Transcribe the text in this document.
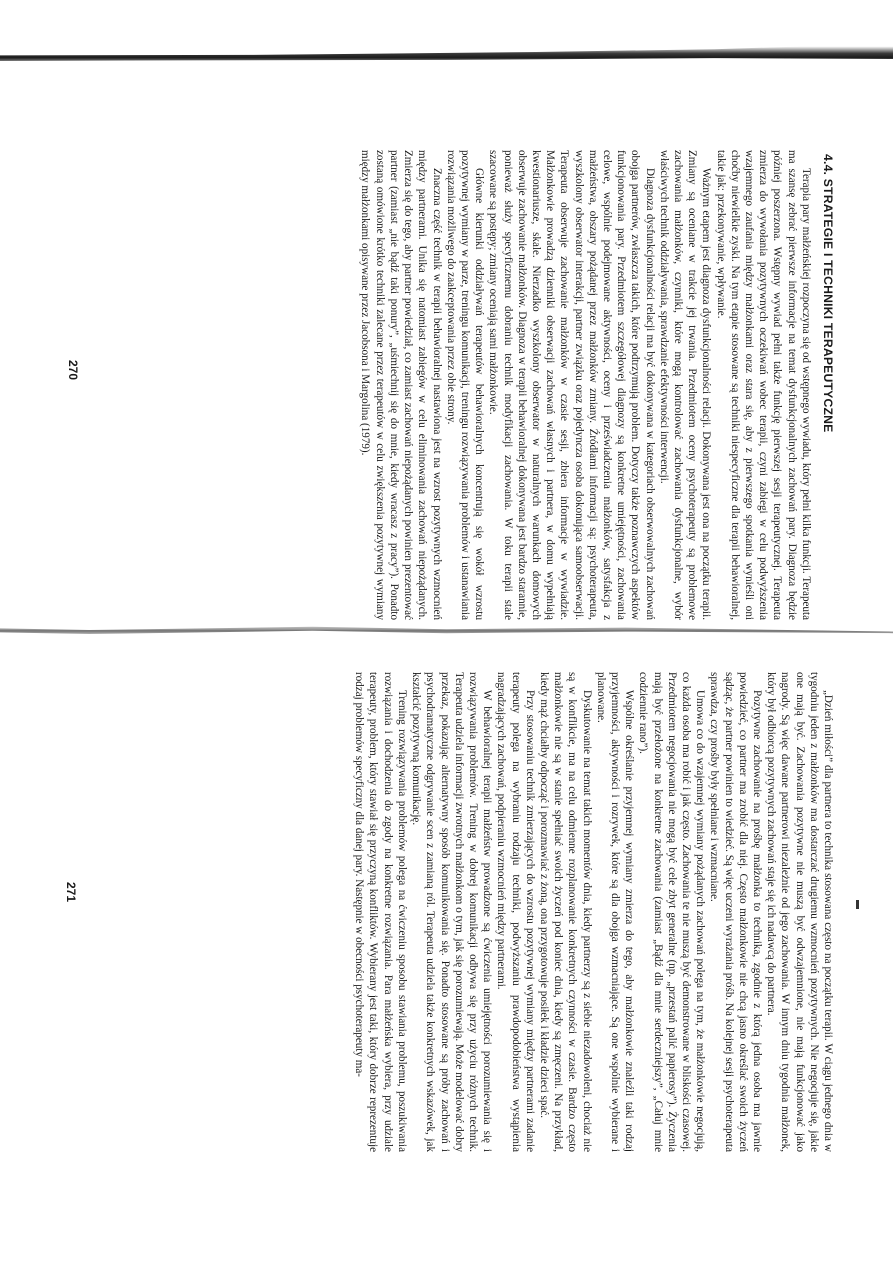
4.4. STRATEGIE I TECHNIKI TERAPEUTYCZNE

Terapia pary małżeńskiej rozpoczyna się od wstępnego wywiadu, który pełni kilka funkcji. Terapeuta ma szansę zebrać pierwsze informacje na temat dysfunkcjonalnych zachowań pary. Diagnoza będzie później poszerzona. Wstępny wywiad pełni także funkcję pierwszej sesji terapeutycznej. Terapeuta zmierza do wywołania pozytywnych oczekiwań wobec terapii, czyni zabiegi w celu podwyższenia wzajemnego zaufania między małżonkami oraz stara się, aby z pierwszego spotkania wynieśli oni choćby niewielkie zyski. Na tym etapie stosowane są techniki niespecyficzne dla terapii behawioralnej, takie jak: przekonywanie, wpływanie.

Ważnym etapem jest diagnoza dysfunkcjonalności relacji. Dokonywana jest ona na początku terapii. Zmiany są oceniane w trakcie jej trwania. Przedmiotem oceny psychoterapeuty są problemowe zachowania małżonków, czynniki, które mogą kontrolować zachowania dysfunkcjonalne, wybór właściwych technik oddziaływania, sprawdzanie efektywności interwencji.

Diagnoza dysfunkcjonalności relacji ma być dokonywana w kategoriach obserwowalnych zachowań obojga partnerów, zwłaszcza takich, które podtrzymują problem. Dotyczy także poznawczych aspektów funkcjonowania pary. Przedmiotem szczegółowej diagnozy są konkretne umiejętności, zachowania celowe, wspólnie podejmowane aktywności, oceny i przeświadczenia małżonków, satysfakcja z małżeństwa, obszary pożądanej przez małżonków zmiany. Źródłami informacji są: psychoterapeuta, wyszkolony obserwator interakcji, partner związku oraz pojedyncza osoba dokonująca samoobserwacji. Terapeuta obserwuje zachowanie małżonków w czasie sesji, zbiera informacje w wywiadzie. Małżonkowie prowadzą dzienniki obserwacji zachowań własnych i partnera, w domu wypełniają kwestionariusze, skale. Nierzadko wyszkolony obserwator w naturalnych warunkach domowych obserwuje zachowanie małżonków. Diagnoza w terapii behawioralnej dokonywana jest bardzo starannie, ponieważ służy specyficznemu dobraniu technik modyfikacji zachowania. W toku terapii stale szacowane są postępy; zmiany oceniają sami małżonkowie.

Główne kierunki oddziaływań terapeutów behawioralnych koncentrują się wokół wzrostu pozytywnej wymiany w parze, treningu komunikacji, treningu rozwiązywania problemów i ustanawiania rozwiązania możliwego do zaakceptowania przez obie strony.

Znaczna część technik w terapii behawioralnej nastawiona jest na wzrost pozytywnych wzmocnień między partnerami. Unika się natomiast zabiegów w celu eliminowania zachowań niepożądanych. Zmierza się do tego, aby partner powiedział, co zamiast zachowań niepożądanych powinien prezentować partner (zamiast „nie bądź taki ponury”, „uśmiechnij się do mnie, kiedy wracasz z pracy”). Ponadto zostaną omówione krótko techniki zalecane przez terapeutów w celu zwiększenia pozytywnej wymiany między małżonkami opisywane przez Jacobsona i Margolina (1979).

270

„Dzień miłości” dla partnera to technika stosowana często na początku terapii. W ciągu jednego dnia w tygodniu jeden z małżonków ma dostarczać drugiemu wzmocnień pozytywnych. Nie negocjuje się, jakie one mają być. Zachowania pozytywne nie muszą być odwzajemnione, nie mają funkcjonować jako nagrody. Są więc dawane partnerowi niezależnie od jego zachowania. W innym dniu tygodnia małżonek, który był odbiorcą pozytywnych zachowań staje się ich nadawcą do partnera.

Pozytywne zachowanie na prośbę małżonka to technika, zgodnie z którą jedna osoba ma jawnie powiedzieć, co partner ma zrobić dla niej. Często małżonkowie nie chcą jasno określać swoich życzeń sądząc, że partner powinien to wiedzieć. Są więc uczeni wyrażania próśb. Na kolejnej sesji psychoterapeuta sprawdza, czy prośby były spełniane i wzmacniane.

Umowa co do wzajemnej wymiany pożądanych zachowań polega na tym, że małżonkowie negocjują, co każda osoba ma robić i jak często. Zachowania te nie muszą być demonstrowane w bliskości czasowej. Przedmiotem negocjowania nie mogą być cele zbyt generalne (np. „przestań palić papierosy”). Życzenia mają być przełożone na konkretne zachowania (zamiast „Bądź dla mnie serdeczniejszy”, „Całuj mnie codziennie rano”).

Wspólne określanie przyjemnej wymiany zmierza do tego, aby małżonkowie znaleźli taki rodzaj przyjemności, aktywności i rozrywek, które są dla obojga wzmacniające. Są one wspólnie wybierane i planowane.

Dyskutowanie na temat takich momentów dnia, kiedy partnerzy są z siebie niezadowoleni, chociaż nie są w konflikcie, ma na celu odmienne rozplanowanie konkretnych czynności w czasie. Bardzo często małżonkowie nie są w stanie spełniać swoich życzeń pod koniec dnia, kiedy są zmęczeni. Na przykład, kiedy mąż chciałby odpocząć i porozmawiać z żoną, ona przygotowuje posiłek i kładzie dzieci spać.

Przy stosowaniu technik zmierzających do wzrostu pozytywnej wymiany między partnerami zadanie terapeuty polega na wybraniu rodzaju techniki, podwyższaniu prawdopodobieństwa wystąpienia nagradzających zachowań, podpieraniu wzmocnień między partnerami.

W behawioralnej terapii małżeństw prowadzone są ćwiczenia umiejętności porozumiewania się i rozwiązywania problemów. Trening w dobrej komunikacji odbywa się przy użyciu różnych technik. Terapeuta udziela informacji zwrotnych małżonkom o tym, jak się porozumiewają. Może modelować dobry przekaz, pokazując alternatywny sposób komunikowania się. Ponadto stosowane są próby zachowań i psychodramatyczne odgrywanie scen z zamianą ról. Terapeuta udziela także konkretnych wskazówek, jak kształcić pozytywną komunikację.

Trening rozwiązywania problemów polega na ćwiczeniu sposobu stawiania problemu, poszukiwania rozwiązania i dochodzenia do zgody na konkretne rozwiązania. Para małżeńska wybiera, przy udziale terapeuty, problem, który stawiał się przyczyną konfliktów. Wybierany jest taki, który dobrze reprezentuje rodzaj problemów specyficzny dla danej pary. Następnie w obecności psychoterapeuty ma-

271
